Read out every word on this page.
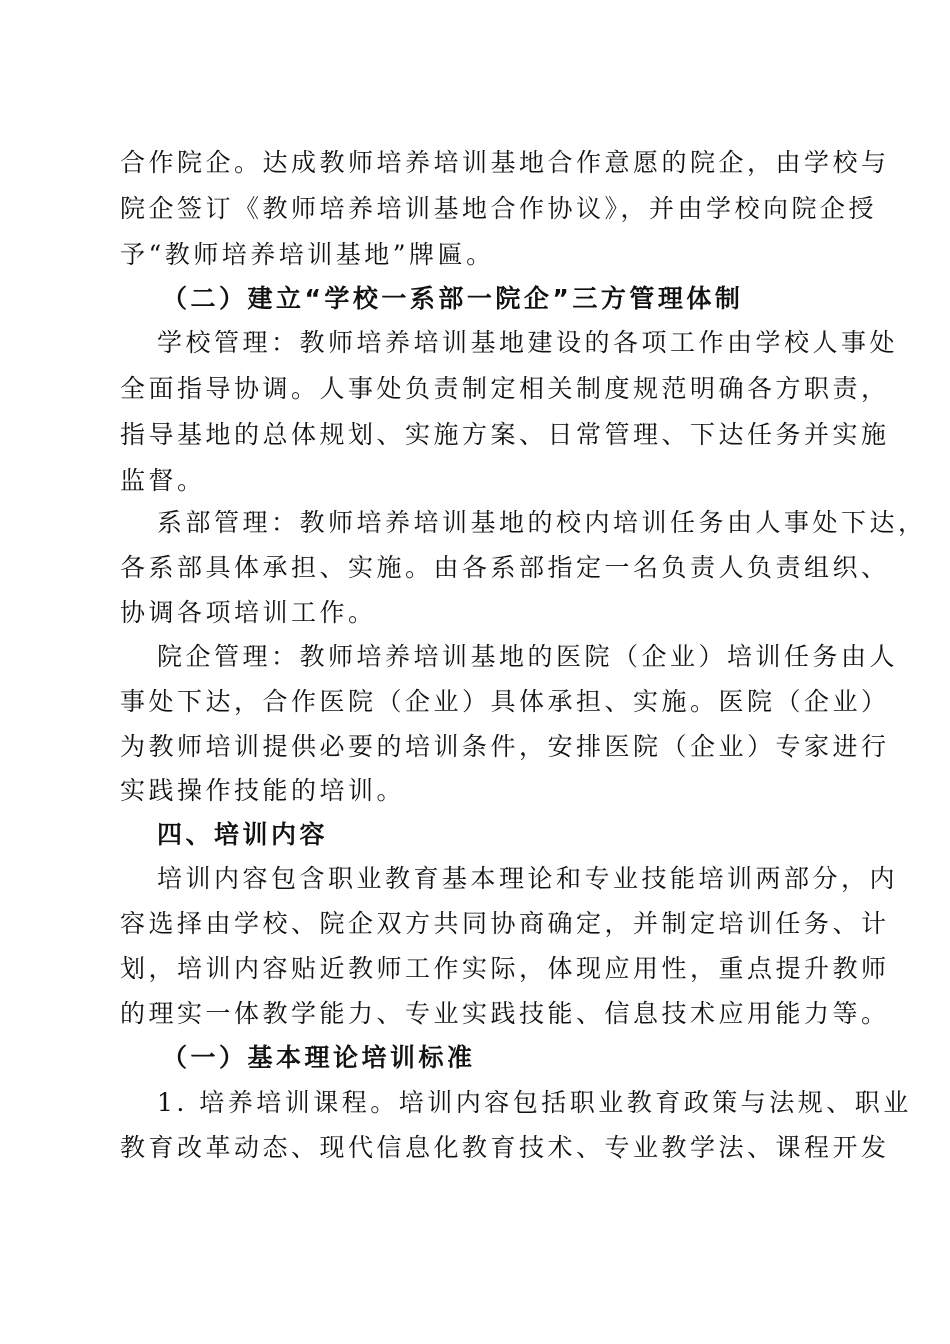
合作院企。达成教师培养培训基地合作意愿的院企，由学校与
院企签订《教师培养培训基地合作协议》，并由学校向院企授
予“教师培养培训基地”牌匾。
（二）建立“学校一系部一院企”三方管理体制
学校管理：教师培养培训基地建设的各项工作由学校人事处
全面指导协调。人事处负责制定相关制度规范明确各方职责，
指导基地的总体规划、实施方案、日常管理、下达任务并实施
监督。
系部管理：教师培养培训基地的校内培训任务由人事处下达，
各系部具体承担、实施。由各系部指定一名负责人负责组织、
协调各项培训工作。
院企管理：教师培养培训基地的医院（企业）培训任务由人
事处下达，合作医院（企业）具体承担、实施。医院（企业）
为教师培训提供必要的培训条件，安排医院（企业）专家进行
实践操作技能的培训。
四、培训内容
培训内容包含职业教育基本理论和专业技能培训两部分，内
容选择由学校、院企双方共同协商确定，并制定培训任务、计
划，培训内容贴近教师工作实际，体现应用性，重点提升教师
的理实一体教学能力、专业实践技能、信息技术应用能力等。
（一）基本理论培训标准
1. 培养培训课程。培训内容包括职业教育政策与法规、职业
教育改革动态、现代信息化教育技术、专业教学法、课程开发
